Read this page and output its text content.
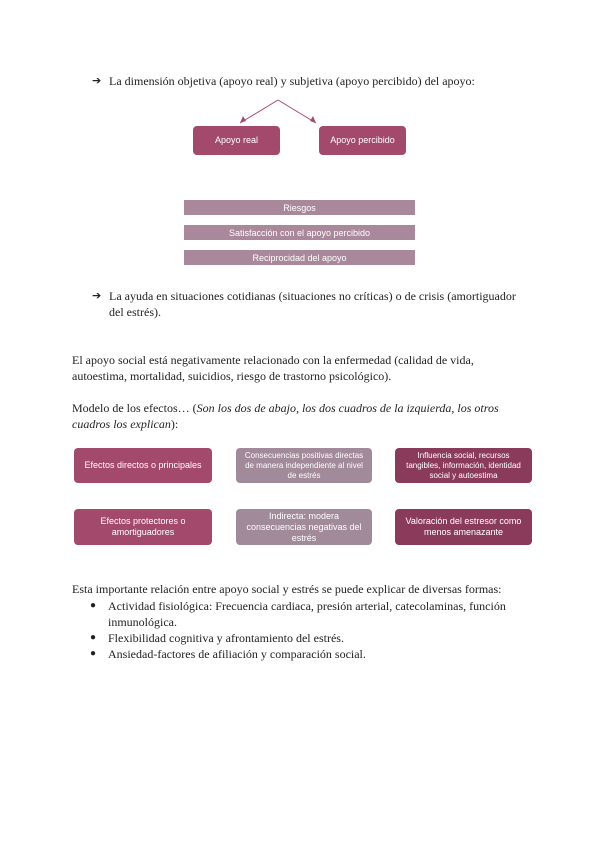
➔ La dimensión objetiva (apoyo real) y subjetiva (apoyo percibido) del apoyo:
Apoyo real	Apoyo percibido
Riesgos
Satisfacción con el apoyo percibido
Reciprocidad del apoyo
➔ La ayuda en situaciones cotidianas (situaciones no críticas) o de crisis (amortiguador
del estrés).
El apoyo social está negativamente relacionado con la enfermedad (calidad de vida,
autoestima, mortalidad, suicidios, riesgo de trastorno psicológico).
Modelo de los efectos… (Son los dos de abajo, los dos cuadros de la izquierda, los otros
cuadros los explican):
Efectos directos o principales
Consecuencias positivas directas de manera independiente al nivel de estrés
Influencia social, recursos tangibles, información, identidad social y autoestima
Efectos protectores o amortiguadores
Indirecta: modera consecuencias negativas del estrés
Valoración del estresor como menos amenazante
Esta importante relación entre apoyo social y estrés se puede explicar de diversas formas:
● Actividad fisiológica: Frecuencia cardiaca, presión arterial, catecolaminas, función
inmunológica.
● Flexibilidad cognitiva y afrontamiento del estrés.
● Ansiedad-factores de afiliación y comparación social.
